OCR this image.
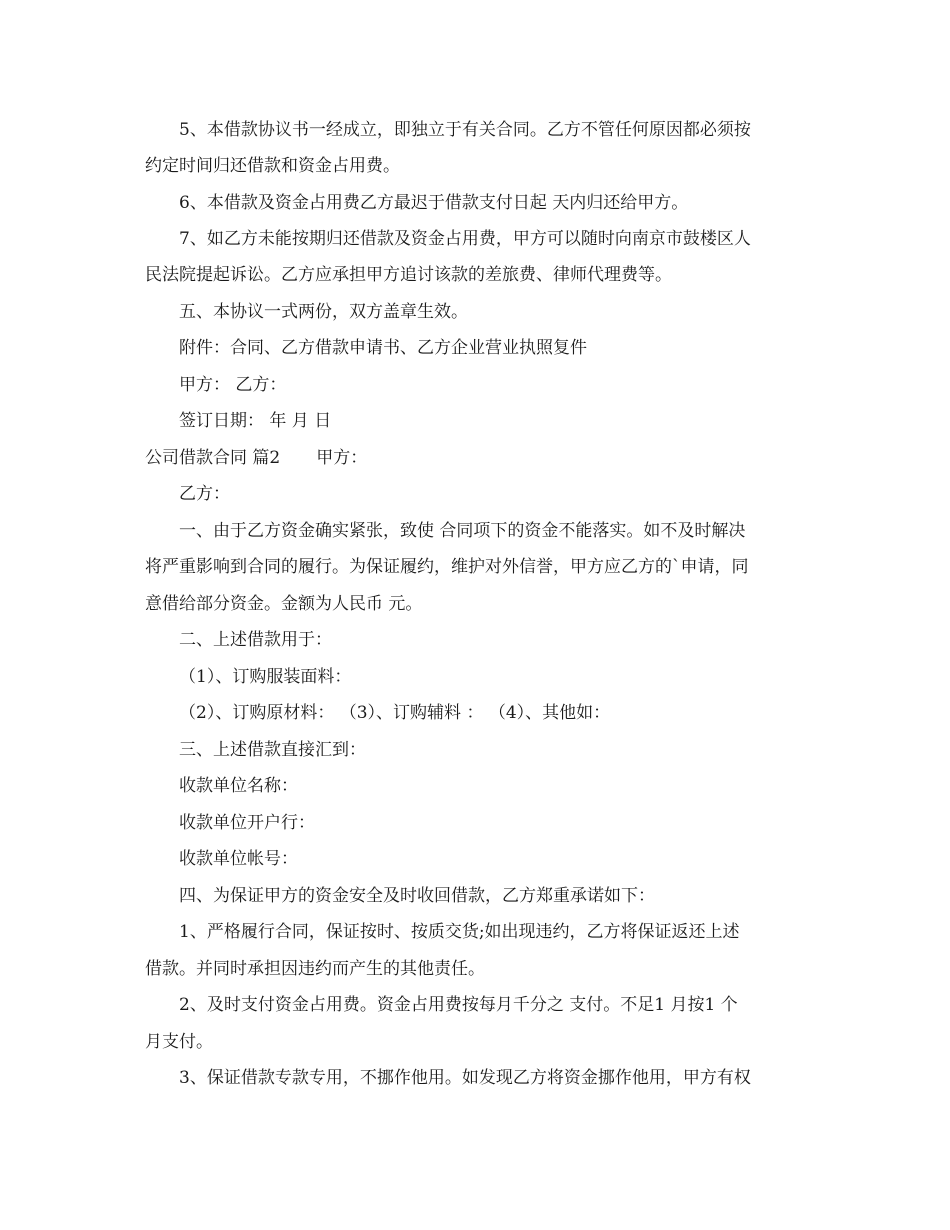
5、本借款协议书一经成立，即独立于有关合同。乙方不管任何原因都必须按
约定时间归还借款和资金占用费。
6、本借款及资金占用费乙方最迟于借款支付日起 天内归还给甲方。
7、如乙方未能按期归还借款及资金占用费，甲方可以随时向南京市鼓楼区人
民法院提起诉讼。乙方应承担甲方追讨该款的差旅费、律师代理费等。
五、本协议一式两份，双方盖章生效。
附件：合同、乙方借款申请书、乙方企业营业执照复件
甲方： 乙方：
签订日期： 年 月 日
公司借款合同 篇2 甲方：
乙方：
一、由于乙方资金确实紧张，致使 合同项下的资金不能落实。如不及时解决
将严重影响到合同的履行。为保证履约，维护对外信誉，甲方应乙方的`申请，同
意借给部分资金。金额为人民币 元。
二、上述借款用于：
（1）、订购服装面料：
（2）、订购原材料： （3）、订购辅料 ： （4）、其他如：
三、上述借款直接汇到：
收款单位名称：
收款单位开户行：
收款单位帐号：
四、为保证甲方的资金安全及时收回借款，乙方郑重承诺如下：
1、严格履行合同，保证按时、按质交货;如出现违约，乙方将保证返还上述
借款。并同时承担因违约而产生的其他责任。
2、及时支付资金占用费。资金占用费按每月千分之 支付。不足1 月按1 个
月支付。
3、保证借款专款专用，不挪作他用。如发现乙方将资金挪作他用，甲方有权
